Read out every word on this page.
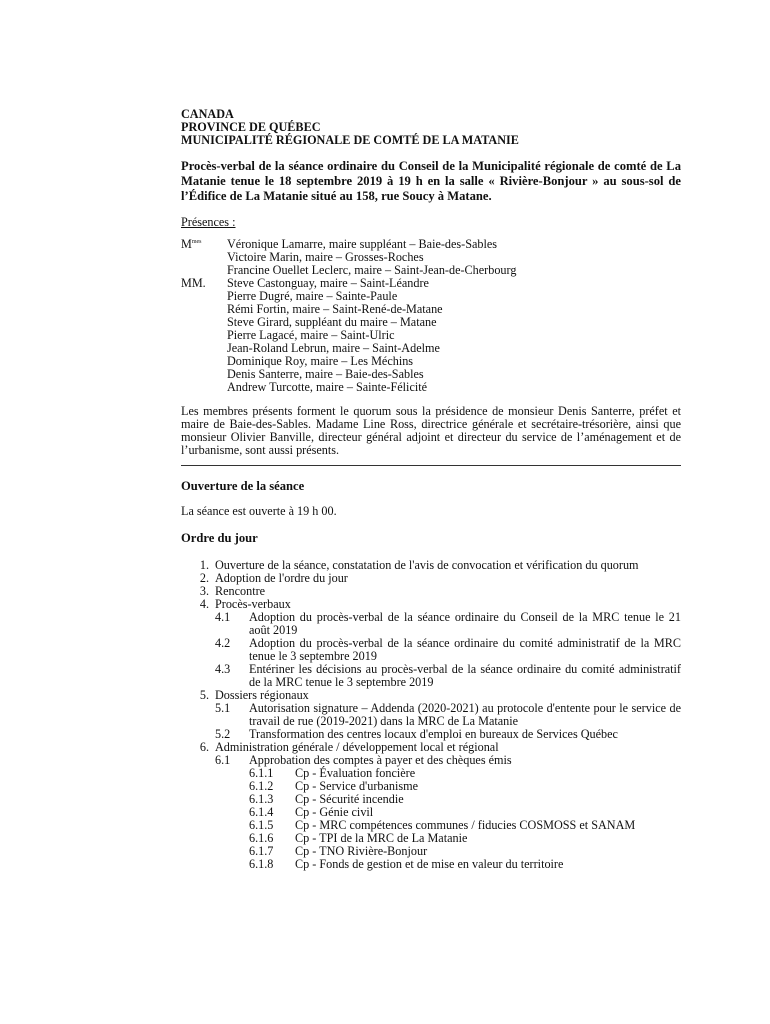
CANADA
PROVINCE DE QUÉBEC
MUNICIPALITÉ RÉGIONALE DE COMTÉ DE LA MATANIE
Procès-verbal de la séance ordinaire du Conseil de la Municipalité régionale de comté de La Matanie tenue le 18 septembre 2019 à 19 h en la salle « Rivière-Bonjour » au sous-sol de l’Édifice de La Matanie situé au 158, rue Soucy à Matane.
Présences :
$M^{mes}$	Véronique Lamarre, maire suppléant – Baie-des-Sables
Victoire Marin, maire – Grosses-Roches
Francine Ouellet Leclerc, maire – Saint-Jean-de-Cherbourg
MM.	Steve Castonguay, maire – Saint-Léandre
Pierre Dugré, maire – Sainte-Paule
Rémi Fortin, maire – Saint-René-de-Matane
Steve Girard, suppléant du maire – Matane
Pierre Lagacé, maire – Saint-Ulric
Jean-Roland Lebrun, maire – Saint-Adelme
Dominique Roy, maire – Les Méchins
Denis Santerre, maire – Baie-des-Sables
Andrew Turcotte, maire – Sainte-Félicité
Les membres présents forment le quorum sous la présidence de monsieur Denis Santerre, préfet et maire de Baie-des-Sables. Madame Line Ross, directrice générale et secrétaire-trésorière, ainsi que monsieur Olivier Banville, directeur général adjoint et directeur du service de l’aménagement et de l’urbanisme, sont aussi présents.
Ouverture de la séance
La séance est ouverte à 19 h 00.
Ordre du jour
1. Ouverture de la séance, constatation de l'avis de convocation et vérification du quorum
2. Adoption de l'ordre du jour
3. Rencontre
4. Procès-verbaux
4.1	Adoption du procès-verbal de la séance ordinaire du Conseil de la MRC tenue le 21 août 2019
4.2	Adoption du procès-verbal de la séance ordinaire du comité administratif de la MRC tenue le 3 septembre 2019
4.3	Entériner les décisions au procès-verbal de la séance ordinaire du comité administratif de la MRC tenue le 3 septembre 2019
5. Dossiers régionaux
5.1	Autorisation signature – Addenda (2020-2021) au protocole d'entente pour le service de travail de rue (2019-2021) dans la MRC de La Matanie
5.2	Transformation des centres locaux d'emploi en bureaux de Services Québec
6. Administration générale / développement local et régional
6.1	Approbation des comptes à payer et des chèques émis
6.1.1	Cp - Évaluation foncière
6.1.2	Cp - Service d'urbanisme
6.1.3	Cp - Sécurité incendie
6.1.4	Cp - Génie civil
6.1.5	Cp - MRC compétences communes / fiducies COSMOSS et SANAM
6.1.6	Cp - TPI de la MRC de La Matanie
6.1.7	Cp - TNO Rivière-Bonjour
6.1.8	Cp - Fonds de gestion et de mise en valeur du territoire
